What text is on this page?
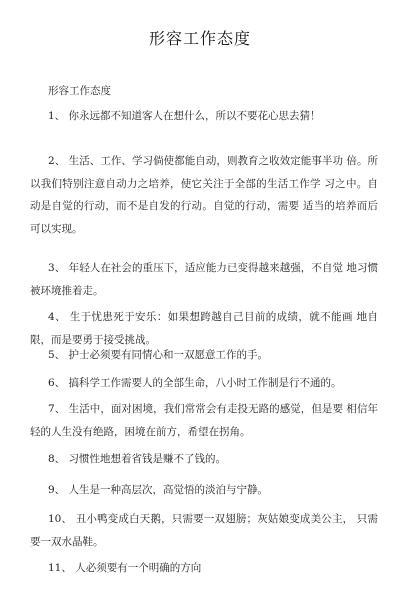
形容工作态度
形容工作态度

1、 你永远都不知道客人在想什么，所以不要花心思去猜！

2、 生活、工作、学习倘使都能自动，则教育之收效定能事半功 倍。所以我们特别注意自动力之培养，使它关注于全部的生活工作学 习之中。自动是自觉的行动，而不是自发的行动。自觉的行动，需要 适当的培养而后可以实现。

3、 年轻人在社会的重压下，适应能力已变得越来越强，不自觉 地习惯被环境推着走。

4、 生于忧患死于安乐：如果想跨越自己目前的成绩，就不能画 地自限，而是要勇于接受挑战。

5、 护士必须要有同情心和一双愿意工作的手。

6、 搞科学工作需要人的全部生命，八小时工作制是行不通的。

7、 生活中，面对困境，我们常常会有走投无路的感觉，但是要 相信年轻的人生没有绝路，困境在前方，希望在拐角。

8、 习惯性地想着省钱是赚不了钱的。

9、 人生是一种高层次，高觉悟的淡泊与宁静。

10、 丑小鸭变成白天鹅，只需要一双翅膀；灰姑娘变成美公主， 只需要一双水晶鞋。

11、 人必须要有一个明确的方向
